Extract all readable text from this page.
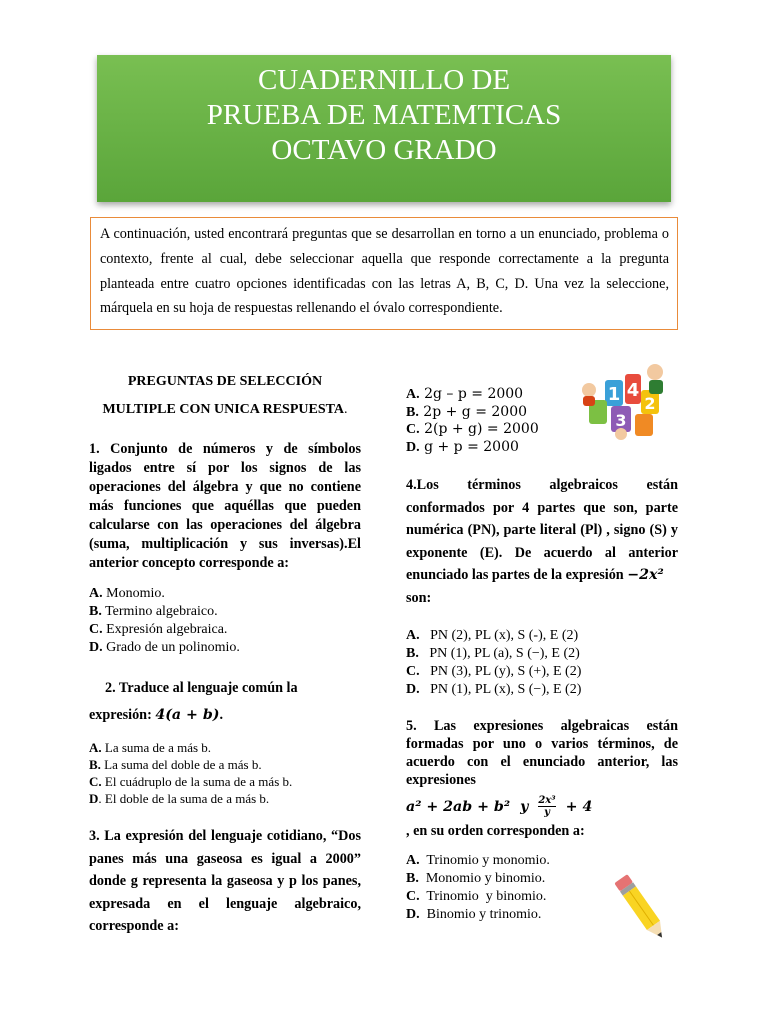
CUADERNILLO DE
PRUEBA DE MATEMTICAS
OCTAVO GRADO
A continuación, usted encontrará preguntas que se desarrollan en torno a un enunciado, problema o contexto, frente al cual, debe seleccionar aquella que responde correctamente a la pregunta planteada entre cuatro opciones identificadas con las letras A, B, C, D. Una vez la seleccione, márquela en su hoja de respuestas rellenando el óvalo correspondiente.
PREGUNTAS DE SELECCIÓN
MULTIPLE CON UNICA RESPUESTA.
1. Conjunto de números y de símbolos ligados entre sí por los signos de las operaciones del álgebra y que no contiene más funciones que aquéllas que pueden calcularse con las operaciones del álgebra (suma, multiplicación y sus inversas).El anterior concepto corresponde a:
A. Monomio.
B. Termino algebraico.
C. Expresión algebraica.
D. Grado de un polinomio.
2. Traduce al lenguaje común la
expresión: 4(a + b).
A. La suma de a más b.
B. La suma del doble de a más b.
C. El cuádruplo de la suma de a más b.
D. El doble de la suma de a más b.
3. La expresión del lenguaje cotidiano, “Dos panes más una gaseosa es igual a 2000” donde g representa la gaseosa y p los panes, expresada en el lenguaje algebraico, corresponde a:
A. 2g – p = 2000
B. 2p + g = 2000
C. 2(p + g) = 2000
D. g + p = 2000
4.Los términos algebraicos están conformados por 4 partes que son, parte numérica (PN), parte literal (Pl) , signo (S) y exponente (E). De acuerdo al anterior enunciado las partes de la expresión −2x²
son:
A.   PN (2), PL (x), S (-), E (2)
B.   PN (1), PL (a), S (−), E (2)
C.   PN (3), PL (y), S (+), E (2)
D.   PN (1), PL (x), S (−), E (2)
5. Las expresiones algebraicas están formadas por uno o varios términos, de acuerdo con el enunciado anterior, las expresiones
a² + 2ab + b² y $\frac{\text{2x³}}{y} + 4$
, en su orden corresponden a:
A.  Trinomio y monomio.
B.  Monomio y binomio.
C.  Trinomio  y binomio.
D.  Binomio y trinomio.
1 4
2
3
